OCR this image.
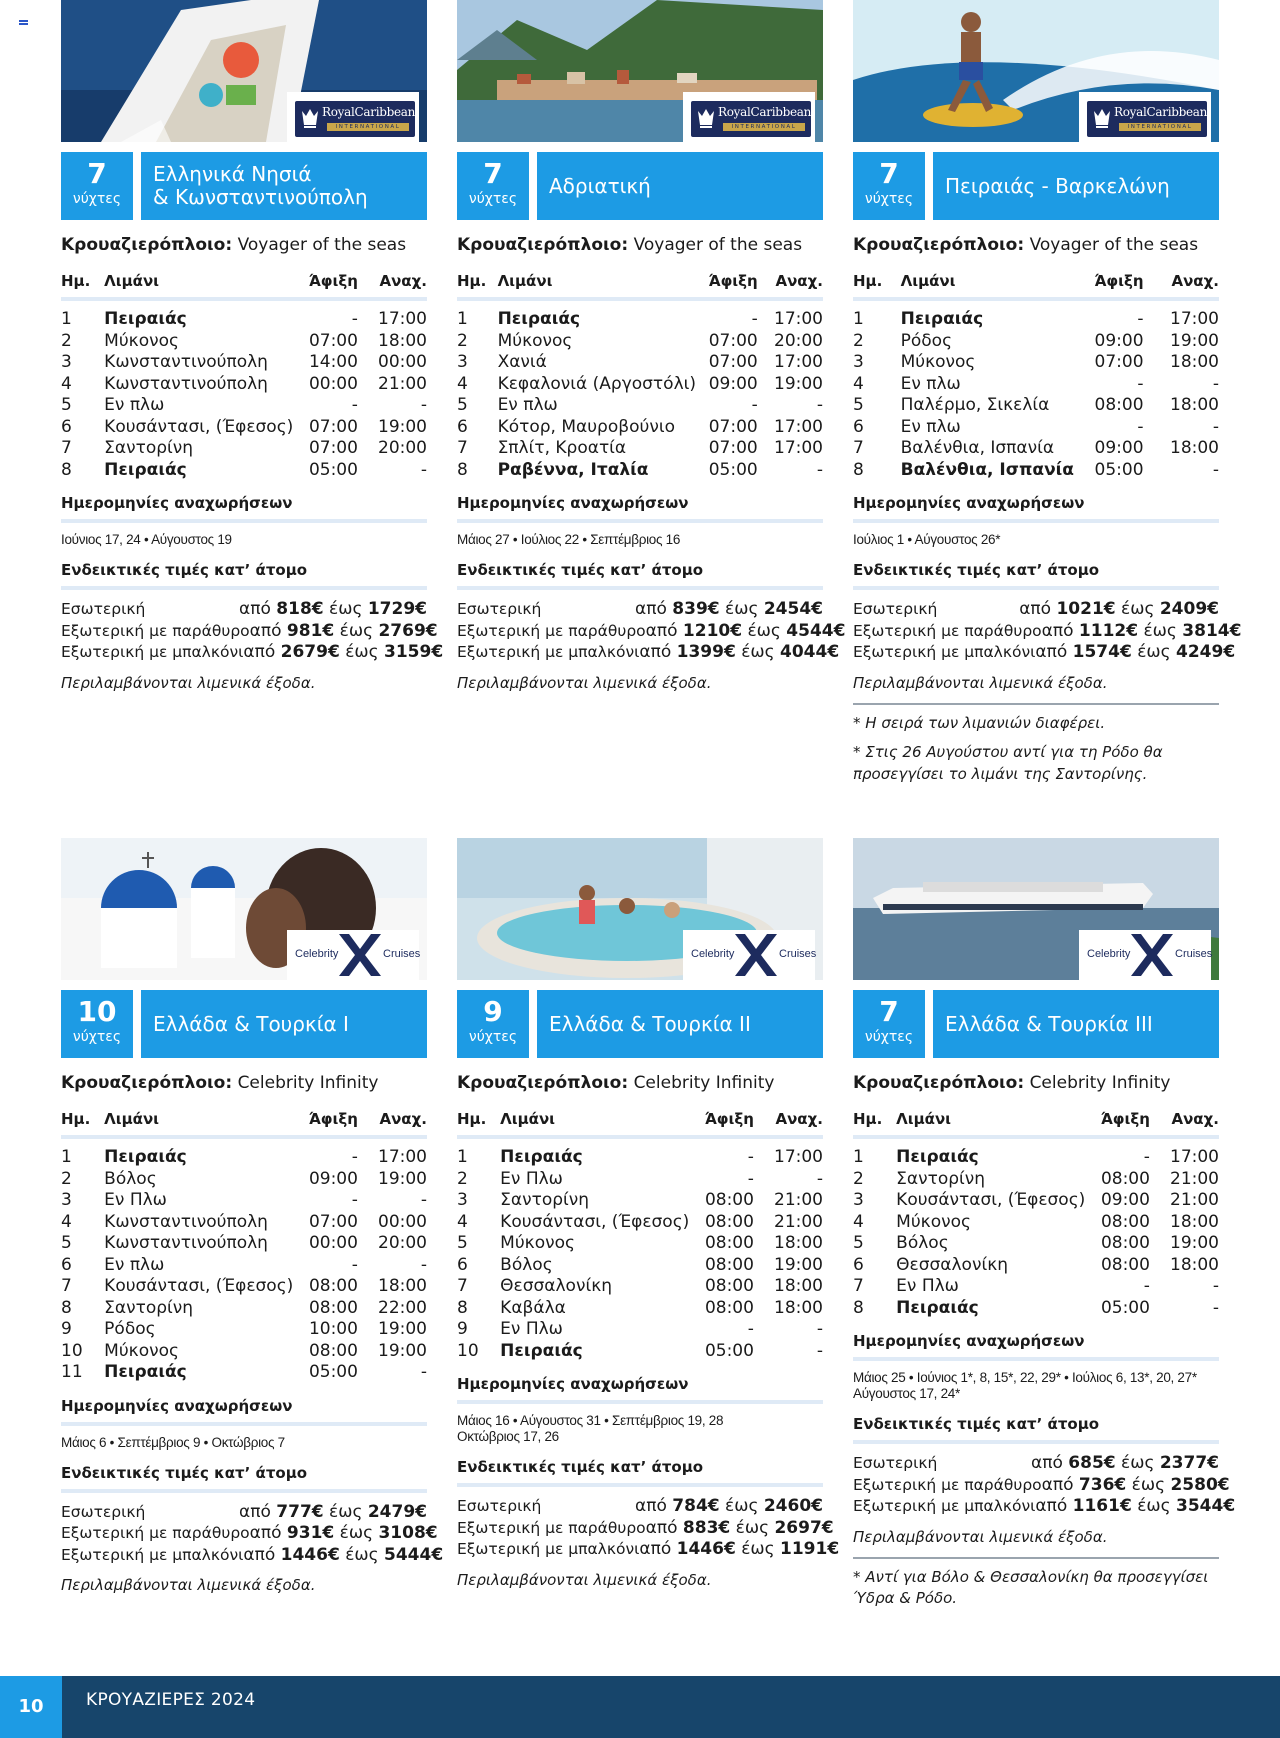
RoyalCaribbean
INTERNATIONAL
7
νύχτες
Ελληνικά Νησιά
& Κωνσταντινούπολη
Κρουαζιερόπλοιο: Voyager of the seas
Ημ.	Λιμάνι	Άφιξη	Αναχ.

1	Πειραιάς	-	17:00
2	Μύκονος	07:00	18:00
3	Κωνσταντινούπολη	14:00	00:00
4	Κωνσταντινούπολη	00:00	21:00
5	Εν πλω	-	-
6	Κουσάντασι, (Έφεσος)	07:00	19:00
7	Σαντορίνη	07:00	20:00
8	Πειραιάς	05:00	-
Ημερομηνίες αναχωρήσεων
Ιούνιος 17, 24 • Αύγουστος 19
Ενδεικτικές τιμές κατ’ άτομο
Εσωτερική	από 818€ έως 1729€
Εξωτερική με παράθυρο από 981€ έως 2769€
Εξωτερική με μπαλκόνι από 2679€ έως 3159€
Περιλαμβάνονται λιμενικά έξοδα.
RoyalCaribbean
INTERNATIONAL
7
νύχτες
Αδριατική
Κρουαζιερόπλοιο: Voyager of the seas
Ημ.	Λιμάνι	Άφιξη	Αναχ.

1	Πειραιάς	-	17:00
2	Μύκονος	07:00	20:00
3	Χανιά	07:00	17:00
4	Κεφαλονιά (Αργοστόλι)	09:00	19:00
5	Εν πλω	-	-
6	Κότορ, Μαυροβούνιο	07:00	17:00
7	Σπλίτ, Κροατία	07:00	17:00
8	Ραβέννα, Ιταλία	05:00	-
Ημερομηνίες αναχωρήσεων
Μάιος 27 • Ιούλιος 22 • Σεπτέμβριος 16
Ενδεικτικές τιμές κατ’ άτομο
Εσωτερική	από 839€ έως 2454€
Εξωτερική με παράθυρο από 1210€ έως 4544€
Εξωτερική με μπαλκόνι από 1399€ έως 4044€
Περιλαμβάνονται λιμενικά έξοδα.
RoyalCaribbean
INTERNATIONAL
7
νύχτες
Πειραιάς - Βαρκελώνη
Κρουαζιερόπλοιο: Voyager of the seas
Ημ.	Λιμάνι	Άφιξη	Αναχ.

1	Πειραιάς	-	17:00
2	Ρόδος	09:00	19:00
3	Μύκονος	07:00	18:00
4	Εν πλω	-	-
5	Παλέρμο, Σικελία	08:00	18:00
6	Εν πλω	-	-
7	Βαλένθια, Ισπανία	09:00	18:00
8	Βαλένθια, Ισπανία	05:00	-
Ημερομηνίες αναχωρήσεων
Ιούλιος 1 • Αύγουστος 26*
Ενδεικτικές τιμές κατ’ άτομο
Εσωτερική	από 1021€ έως 2409€
Εξωτερική με παράθυρο από 1112€ έως 3814€
Εξωτερική με μπαλκόνι από 1574€ έως 4249€
Περιλαμβάνονται λιμενικά έξοδα.
* Η σειρά των λιμανιών διαφέρει.
* Στις 26 Αυγούστου αντί για τη Ρόδο θα προσεγγίσει το λιμάνι της Σαντορίνης.
Celebrity	Cruises
10
νύχτες
Ελλάδα & Τουρκία Ι
Κρουαζιερόπλοιο: Celebrity Infinity
Ημ.	Λιμάνι	Άφιξη	Αναχ.

1	Πειραιάς	-	17:00
2	Βόλος	09:00	19:00
3	Εν Πλω	-	-
4	Κωνσταντινούπολη	07:00	00:00
5	Κωνσταντινούπολη	00:00	20:00
6	Εν πλω	-	-
7	Κουσάντασι, (Έφεσος)	08:00	18:00
8	Σαντορίνη	08:00	22:00
9	Ρόδος	10:00	19:00
10	Μύκονος	08:00	19:00
11	Πειραιάς	05:00	-
Ημερομηνίες αναχωρήσεων
Μάιος 6 • Σεπτέμβριος 9 • Οκτώβριος 7
Ενδεικτικές τιμές κατ’ άτομο
Εσωτερική	από 777€ έως 2479€
Εξωτερική με παράθυρο από 931€ έως 3108€
Εξωτερική με μπαλκόνι από 1446€ έως 5444€
Περιλαμβάνονται λιμενικά έξοδα.
Celebrity	Cruises
9
νύχτες
Ελλάδα & Τουρκία ΙΙ
Κρουαζιερόπλοιο: Celebrity Infinity
Ημ.	Λιμάνι	Άφιξη	Αναχ.

1	Πειραιάς	-	17:00
2	Εν Πλω	-	-
3	Σαντορίνη	08:00	21:00
4	Κουσάντασι, (Έφεσος)	08:00	21:00
5	Μύκονος	08:00	18:00
6	Βόλος	08:00	19:00
7	Θεσσαλονίκη	08:00	18:00
8	Καβάλα	08:00	18:00
9	Εν Πλω	-	-
10	Πειραιάς	05:00	-
Ημερομηνίες αναχωρήσεων
Μάιος 16 • Αύγουστος 31 • Σεπτέμβριος 19, 28
Οκτώβριος 17, 26
Ενδεικτικές τιμές κατ’ άτομο
Εσωτερική	από 784€ έως 2460€
Εξωτερική με παράθυρο από 883€ έως 2697€
Εξωτερική με μπαλκόνι από 1446€ έως 1191€
Περιλαμβάνονται λιμενικά έξοδα.
Celebrity	Cruises
7
νύχτες
Ελλάδα & Τουρκία ΙΙΙ
Κρουαζιερόπλοιο: Celebrity Infinity
Ημ.	Λιμάνι	Άφιξη	Αναχ.

1	Πειραιάς	-	17:00
2	Σαντορίνη	08:00	21:00
3	Κουσάντασι, (Έφεσος)	09:00	21:00
4	Μύκονος	08:00	18:00
5	Βόλος	08:00	19:00
6	Θεσσαλονίκη	08:00	18:00
7	Εν Πλω	-	-
8	Πειραιάς	05:00	-
Ημερομηνίες αναχωρήσεων
Μάιος 25 • Ιούνιος 1*, 8, 15*, 22, 29* • Ιούλιος 6, 13*, 20, 27*
Αύγουστος 17, 24*
Ενδεικτικές τιμές κατ’ άτομο
Εσωτερική	από 685€ έως 2377€
Εξωτερική με παράθυρο από 736€ έως 2580€
Εξωτερική με μπαλκόνι από 1161€ έως 3544€
Περιλαμβάνονται λιμενικά έξοδα.
* Αντί για Βόλο & Θεσσαλονίκη θα προσεγγίσει Ύδρα & Ρόδο.
10	ΚΡΟΥΑΖΙΕΡΕΣ 2024
